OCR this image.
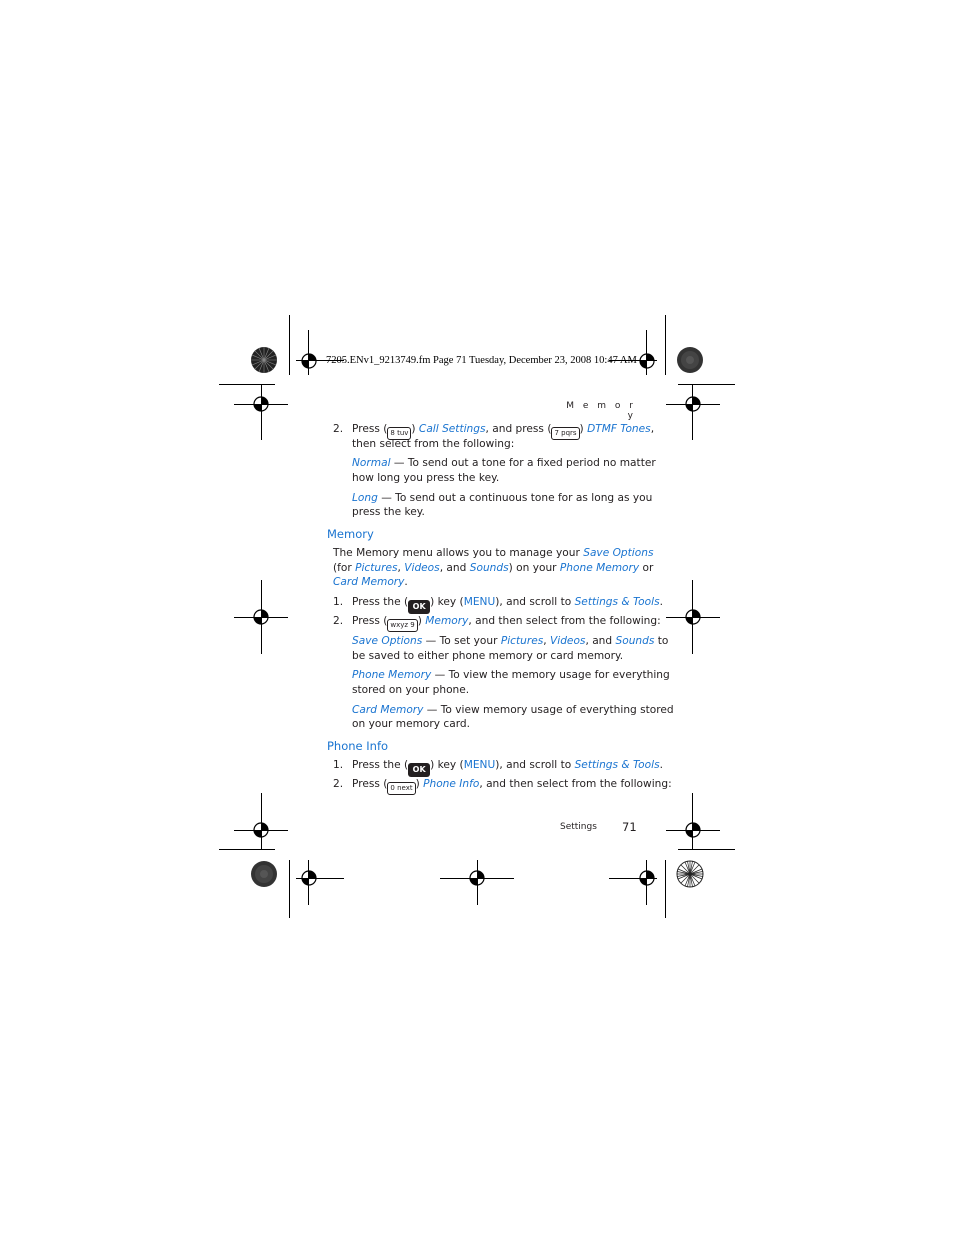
7205.ENv1_9213749.fm Page 71 Tuesday, December 23, 2008 10:47 AM
M e m o r y
2. Press ( 8 tuv ) Call Settings, and press ( 7 pqrs ) DTMF Tones,
then select from the following:
Normal — To send out a tone for a fixed period no matter
how long you press the key.
Long — To send out a continuous tone for as long as you
press the key.
Memory
The Memory menu allows you to manage your Save Options
(for Pictures, Videos, and Sounds) on your Phone Memory or
Card Memory.
1. Press the ( OK ) key (MENU), and scroll to Settings & Tools.
2. Press ( wxyz 9 ) Memory, and then select from the following:
Save Options — To set your Pictures, Videos, and Sounds to
be saved to either phone memory or card memory.
Phone Memory — To view the memory usage for everything
stored on your phone.
Card Memory — To view memory usage of everything stored
on your memory card.
Phone Info
1. Press the ( OK ) key (MENU), and scroll to Settings & Tools.
2. Press ( 0 next ) Phone Info, and then select from the following:
Settings 71
